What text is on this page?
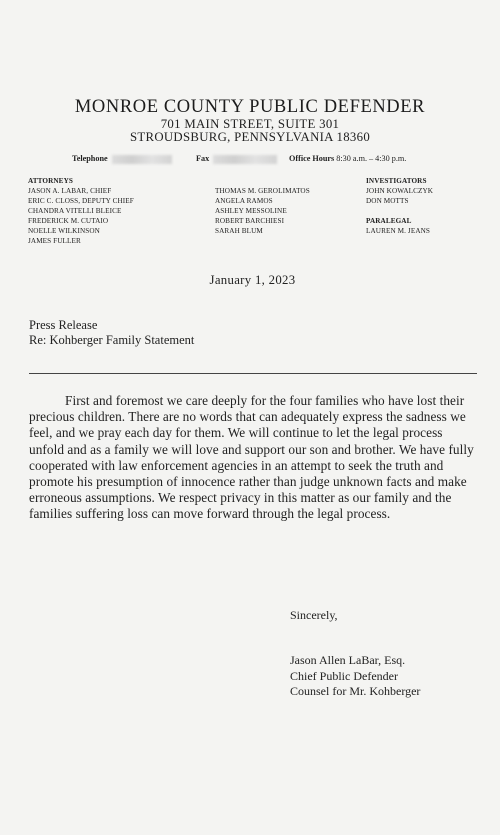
MONROE COUNTY PUBLIC DEFENDER
701 MAIN STREET, SUITE 301
STROUDSBURG, PENNSYLVANIA 18360
Telephone	Fax	Office Hours 8:30 a.m. – 4:30 p.m.
ATTORNEYS
JASON A. LABAR, CHIEF
ERIC C. CLOSS, DEPUTY CHIEF
CHANDRA VITELLI BLEICE
FREDERICK M. CUTAIO
NOELLE WILKINSON
JAMES FULLER
THOMAS M. GEROLIMATOS
ANGELA RAMOS
ASHLEY MESSOLINE
ROBERT BARCHIESI
SARAH BLUM
INVESTIGATORS
JOHN KOWALCZYK
DON MOTTS
PARALEGAL
LAUREN M. JEANS
January 1, 2023
Press Release
Re: Kohberger Family Statement

First and foremost we care deeply for the four families who have lost their precious children. There are no words that can adequately express the sadness we feel, and we pray each day for them. We will continue to let the legal process unfold and as a family we will love and support our son and brother. We have fully cooperated with law enforcement agencies in an attempt to seek the truth and promote his presumption of innocence rather than judge unknown facts and make erroneous assumptions. We respect privacy in this matter as our family and the families suffering loss can move forward through the legal process.

Sincerely,
Jason Allen LaBar, Esq.
Chief Public Defender
Counsel for Mr. Kohberger
